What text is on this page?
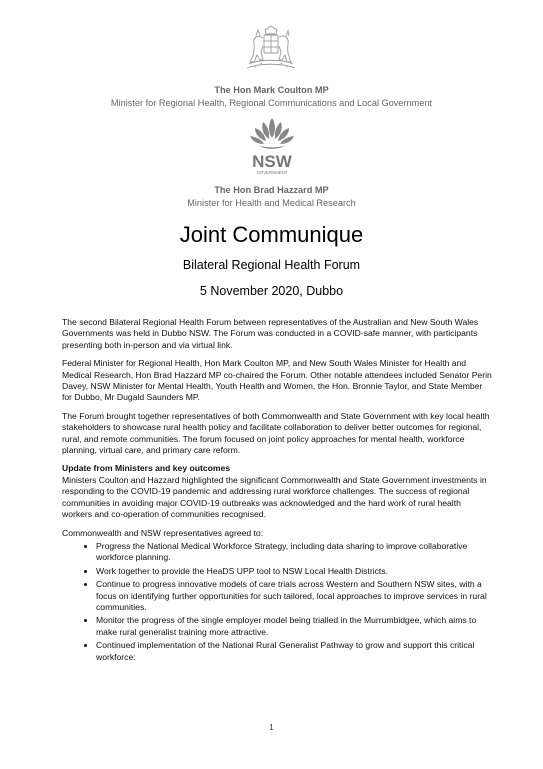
The Hon Mark Coulton MP
Minister for Regional Health, Regional Communications and Local Government
NSW
GOVERNMENT
The Hon Brad Hazzard MP
Minister for Health and Medical Research
Joint Communique
Bilateral Regional Health Forum
5 November 2020, Dubbo

The second Bilateral Regional Health Forum between representatives of the Australian and New South Wales Governments was held in Dubbo NSW. The Forum was conducted in a COVID-safe manner, with participants presenting both in-person and via virtual link.

Federal Minister for Regional Health, Hon Mark Coulton MP, and New South Wales Minister for Health and Medical Research, Hon Brad Hazzard MP co-chaired the Forum. Other notable attendees included Senator Perin Davey, NSW Minister for Mental Health, Youth Health and Women, the Hon. Bronnie Taylor, and State Member for Dubbo, Mr Dugald Saunders MP.

The Forum brought together representatives of both Commonwealth and State Government with key local health stakeholders to showcase rural health policy and facilitate collaboration to deliver better outcomes for regional, rural, and remote communities. The forum focused on joint policy approaches for mental health, workforce planning, virtual care, and primary care reform.

Update from Ministers and key outcomes

Ministers Coulton and Hazzard highlighted the significant Commonwealth and State Government investments in responding to the COVID-19 pandemic and addressing rural workforce challenges. The success of regional communities in avoiding major COVID-19 outbreaks was acknowledged and the hard work of rural health workers and co-operation of communities recognised.

Commonwealth and NSW representatives agreed to:

• Progress the National Medical Workforce Strategy, including data sharing to improve collaborative workforce planning.
• Work together to provide the HeaDS UPP tool to NSW Local Health Districts.
• Continue to progress innovative models of care trials across Western and Southern NSW sites, with a focus on identifying further opportunities for such tailored, local approaches to improve services in rural communities.
• Monitor the progress of the single employer model being trialled in the Murrumbidgee, which aims to make rural generalist training more attractive.
• Continued implementation of the National Rural Generalist Pathway to grow and support this critical workforce:
1
